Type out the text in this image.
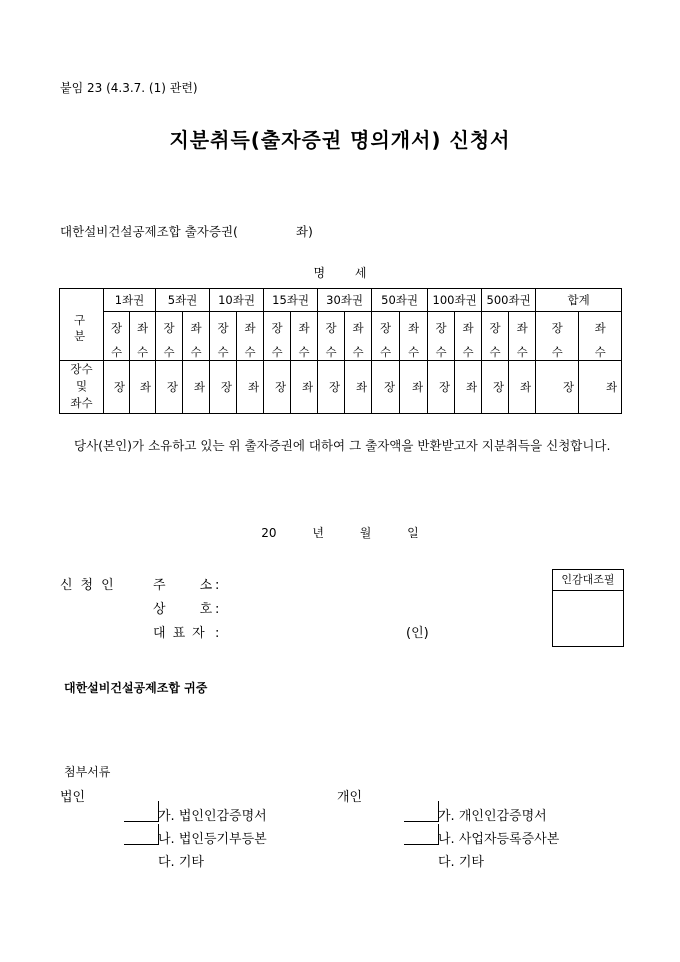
붙임 23 (4.3.7. (1) 관련)
지분취득(출자증권 명의개서) 신청서
대한설비건설공제조합 출자증권(	좌)
명 세
	1좌권		5좌권		10좌권		15좌권		30좌권		50좌권		100좌권		500좌권		합계	
구 분	장	좌	장	좌	장	좌	장	좌	장	좌	장	좌	장	좌	장	좌	장	좌
	수	수	수	수	수	수	수	수	수	수	수	수	수	수	수	수	수	수

장수
및
좌수	장	좌	장	좌	장	좌	장	좌	장	좌	장	좌	장	좌	장	좌	장	좌
당사(본인)가 소유하고 있는 위 출자증권에 대하여 그 출자액을 반환받고자 지분취득을 신청합니다.
20	년	월	일
신청인 주	소 :
상	호 :
대 표 자 :	(인)
인감대조필
대한설비건설공제조합 귀중
첨부서류
법인	개인
가. 법인인감증명서
나. 법인등기부등본
다. 기타
가. 개인인감증명서
나. 사업자등록증사본
다. 기타
